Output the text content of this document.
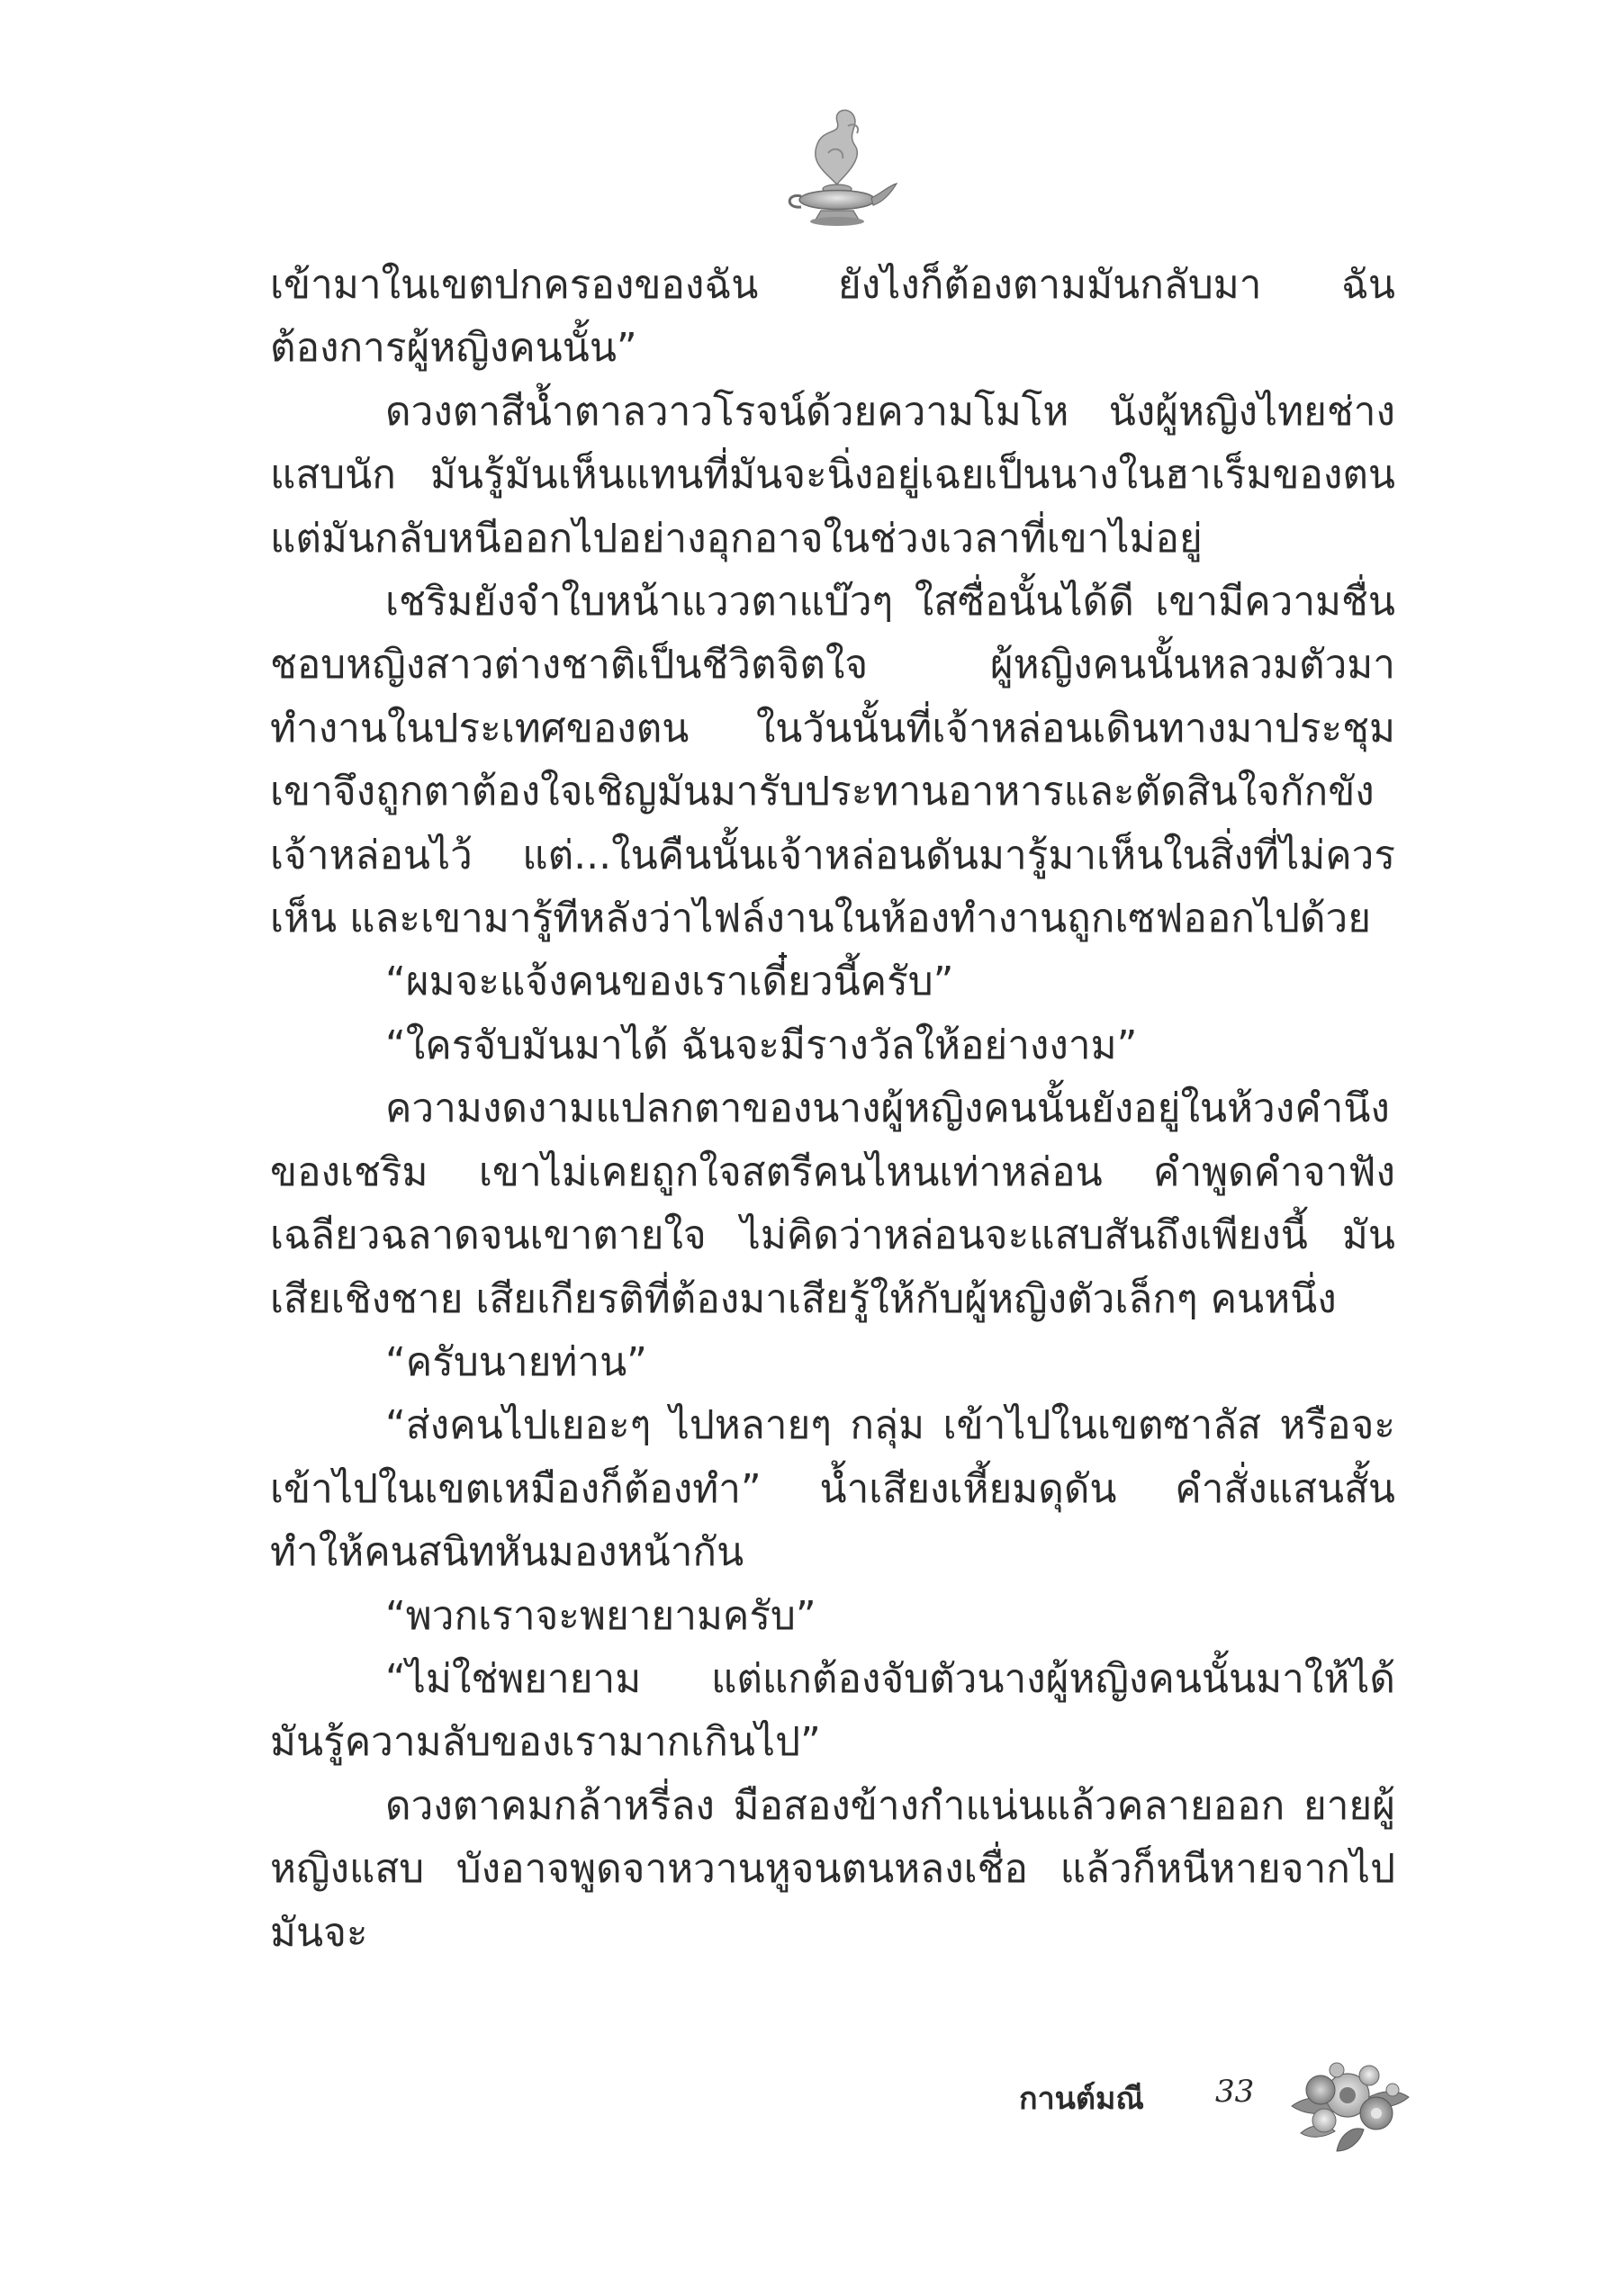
เข้ามาในเขตปกครองของฉัน ยังไงก็ต้องตามมันกลับมา ฉันต้องการผู้หญิงคนนั้น”

ดวงตาสีน้ำตาลวาวโรจน์ด้วยความโมโห นังผู้หญิงไทยช่างแสบนัก มันรู้มันเห็นแทนที่มันจะนิ่งอยู่เฉยเป็นนางในฮาเร็มของตน แต่มันกลับหนีออกไปอย่างอุกอาจในช่วงเวลาที่เขาไม่อยู่

เชริมยังจำใบหน้าแววตาแบ๊วๆ ใสซื่อนั้นได้ดี เขามีความชื่นชอบหญิงสาวต่างชาติเป็นชีวิตจิตใจ ผู้หญิงคนนั้นหลวมตัวมาทำงานในประเทศของตน ในวันนั้นที่เจ้าหล่อนเดินทางมาประชุม เขาจึงถูกตาต้องใจเชิญมันมารับประทานอาหารและตัดสินใจกักขังเจ้าหล่อนไว้ แต่...ในคืนนั้นเจ้าหล่อนดันมารู้มาเห็นในสิ่งที่ไม่ควรเห็น และเขามารู้ทีหลังว่าไฟล์งานในห้องทำงานถูกเซฟออกไปด้วย

“ผมจะแจ้งคนของเราเดี๋ยวนี้ครับ”

“ใครจับมันมาได้ ฉันจะมีรางวัลให้อย่างงาม”

ความงดงามแปลกตาของนางผู้หญิงคนนั้นยังอยู่ในห้วงคำนึงของเชริม เขาไม่เคยถูกใจสตรีคนไหนเท่าหล่อน คำพูดคำจาฟังเฉลียวฉลาดจนเขาตายใจ ไม่คิดว่าหล่อนจะแสบสันถึงเพียงนี้ มันเสียเชิงชาย เสียเกียรติที่ต้องมาเสียรู้ให้กับผู้หญิงตัวเล็กๆ คนหนึ่ง

“ครับนายท่าน”

“ส่งคนไปเยอะๆ ไปหลายๆ กลุ่ม เข้าไปในเขตซาลัส หรือจะเข้าไปในเขตเหมืองก็ต้องทำ” น้ำเสียงเหี้ยมดุดัน คำสั่งแสนสั้นทำให้คนสนิทหันมองหน้ากัน

“พวกเราจะพยายามครับ”

“ไม่ใช่พยายาม แต่แกต้องจับตัวนางผู้หญิงคนนั้นมาให้ได้ มันรู้ความลับของเรามากเกินไป”

ดวงตาคมกล้าหรี่ลง มือสองข้างกำแน่นแล้วคลายออก ยายผู้หญิงแสบ บังอาจพูดจาหวานหูจนตนหลงเชื่อ แล้วก็หนีหายจากไป มันจะ

กานต์มณี 33
